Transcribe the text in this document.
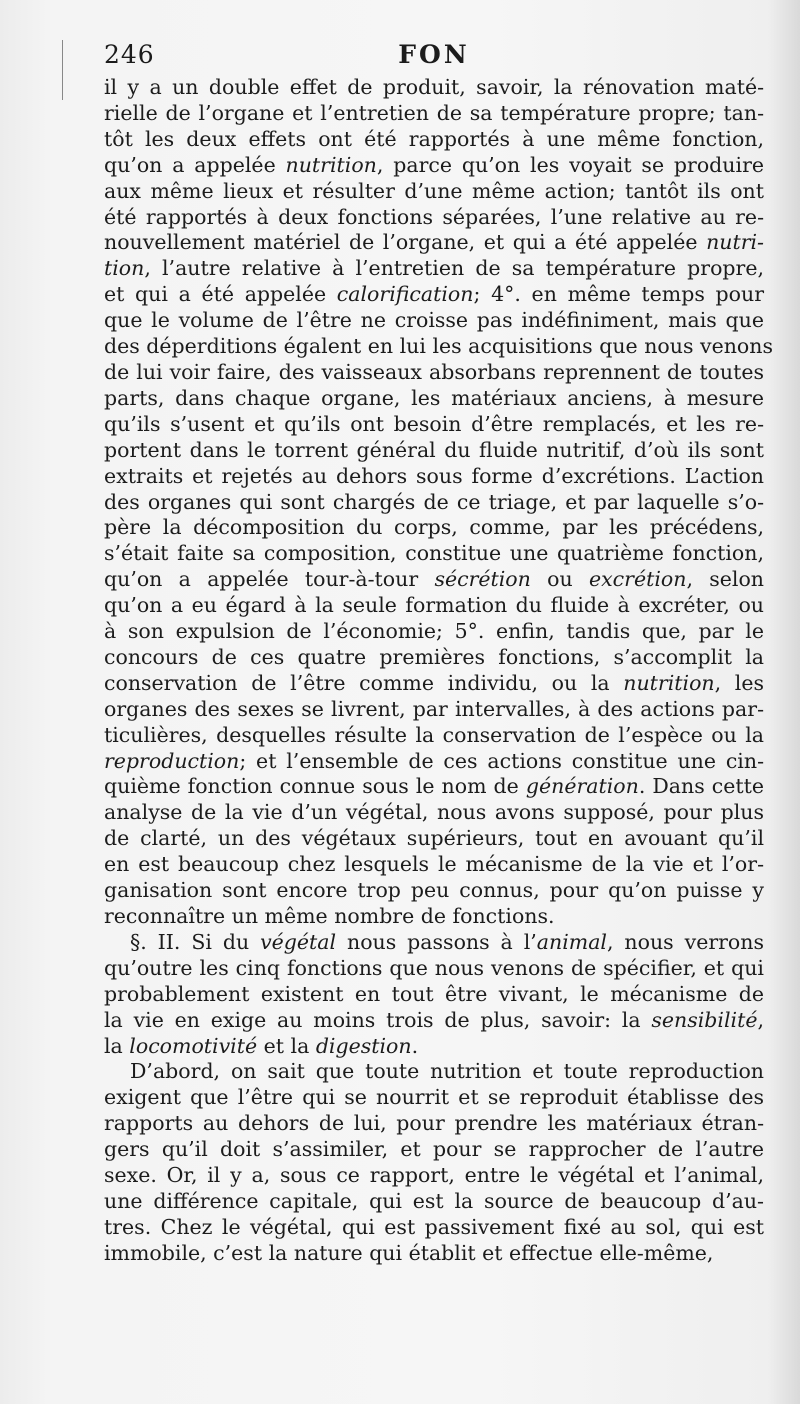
246	FON
il y a un double effet de produit, savoir, la rénovation maté-
rielle de l’organe et l’entretien de sa température propre; tan-
tôt les deux effets ont été rapportés à une même fonction,
qu’on a appelée nutrition, parce qu’on les voyait se produire
aux même lieux et résulter d’une même action; tantôt ils ont
été rapportés à deux fonctions séparées, l’une relative au re-
nouvellement matériel de l’organe, et qui a été appelée nutri-
tion, l’autre relative à l’entretien de sa température propre,
et qui a été appelée calorification; 4°. en même temps pour
que le volume de l’être ne croisse pas indéfiniment, mais que
des déperditions égalent en lui les acquisitions que nous venons
de lui voir faire, des vaisseaux absorbans reprennent de toutes
parts, dans chaque organe, les matériaux anciens, à mesure
qu’ils s’usent et qu’ils ont besoin d’être remplacés, et les re-
portent dans le torrent général du fluide nutritif, d’où ils sont
extraits et rejetés au dehors sous forme d’excrétions. L’action
des organes qui sont chargés de ce triage, et par laquelle s’o-
père la décomposition du corps, comme, par les précédens,
s’était faite sa composition, constitue une quatrième fonction,
qu’on a appelée tour-à-tour sécrétion ou excrétion, selon
qu’on a eu égard à la seule formation du fluide à excréter, ou
à son expulsion de l’économie; 5°. enfin, tandis que, par le
concours de ces quatre premières fonctions, s’accomplit la
conservation de l’être comme individu, ou la nutrition, les
organes des sexes se livrent, par intervalles, à des actions par-
ticulières, desquelles résulte la conservation de l’espèce ou la
reproduction; et l’ensemble de ces actions constitue une cin-
quième fonction connue sous le nom de génération. Dans cette
analyse de la vie d’un végétal, nous avons supposé, pour plus
de clarté, un des végétaux supérieurs, tout en avouant qu’il
en est beaucoup chez lesquels le mécanisme de la vie et l’or-
ganisation sont encore trop peu connus, pour qu’on puisse y
reconnaître un même nombre de fonctions.
§. II. Si du végétal nous passons à l’animal, nous verrons
qu’outre les cinq fonctions que nous venons de spécifier, et qui
probablement existent en tout être vivant, le mécanisme de
la vie en exige au moins trois de plus, savoir: la sensibilité,
la locomotivité et la digestion.
D’abord, on sait que toute nutrition et toute reproduction
exigent que l’être qui se nourrit et se reproduit établisse des
rapports au dehors de lui, pour prendre les matériaux étran-
gers qu’il doit s’assimiler, et pour se rapprocher de l’autre
sexe. Or, il y a, sous ce rapport, entre le végétal et l’animal,
une différence capitale, qui est la source de beaucoup d’au-
tres. Chez le végétal, qui est passivement fixé au sol, qui est
immobile, c’est la nature qui établit et effectue elle-même,
